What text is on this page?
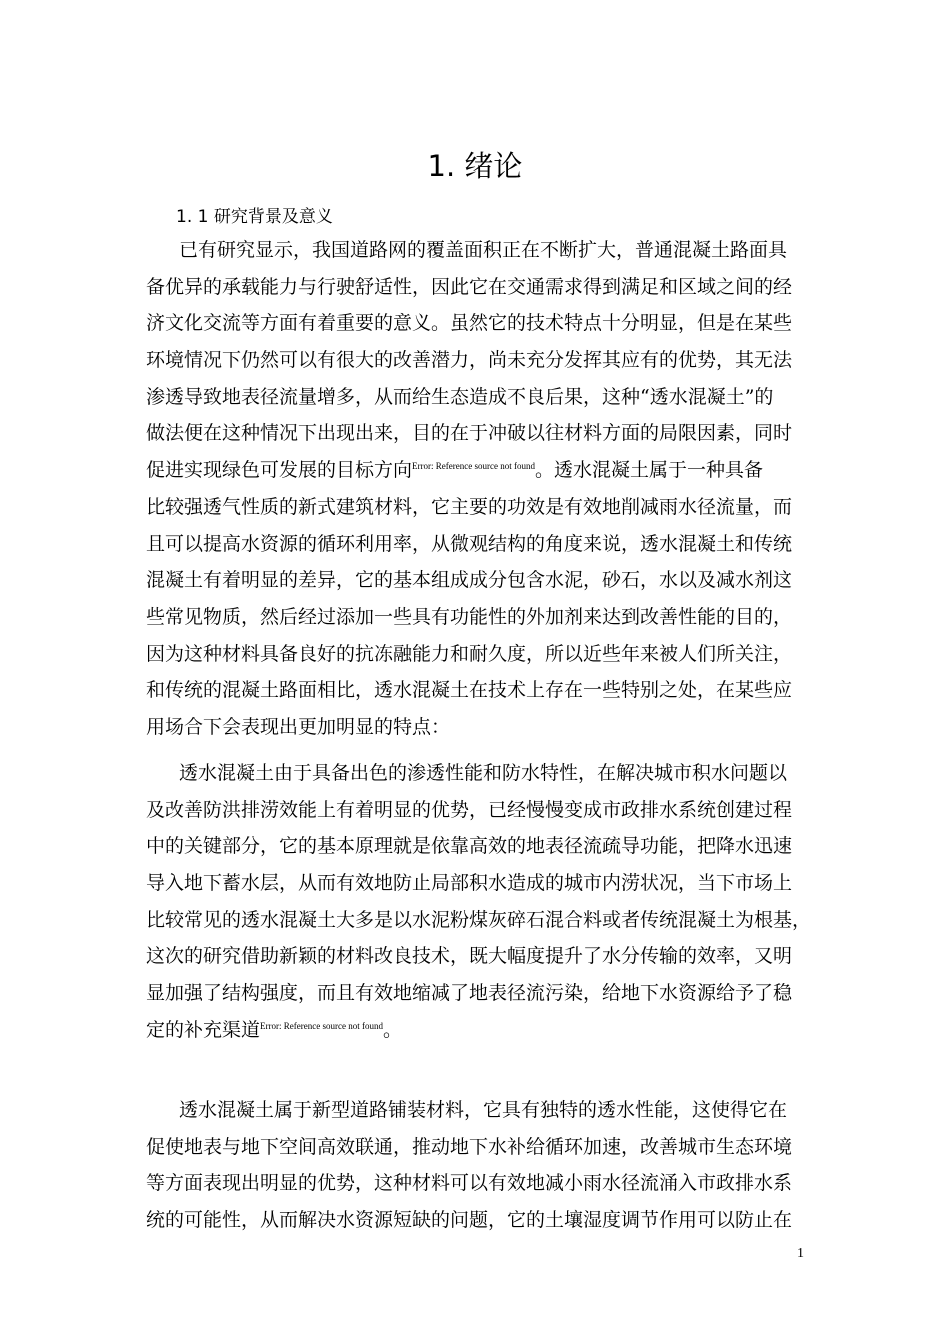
1. 绪论
1. 1 研究背景及意义
已有研究显示，我国道路网的覆盖面积正在不断扩大，普通混凝土路面具
备优异的承载能力与行驶舒适性，因此它在交通需求得到满足和区域之间的经
济文化交流等方面有着重要的意义。虽然它的技术特点十分明显，但是在某些
环境情况下仍然可以有很大的改善潜力，尚未充分发挥其应有的优势，其无法
渗透导致地表径流量增多，从而给生态造成不良后果，这种“透水混凝土”的
做法便在这种情况下出现出来，目的在于冲破以往材料方面的局限因素，同时
促进实现绿色可发展的目标方向$^{Error: Reference source not found}$。透水混凝土属于一种具备
比较强透气性质的新式建筑材料，它主要的功效是有效地削减雨水径流量，而
且可以提高水资源的循环利用率，从微观结构的角度来说，透水混凝土和传统
混凝土有着明显的差异，它的基本组成成分包含水泥，砂石，水以及减水剂这
些常见物质，然后经过添加一些具有功能性的外加剂来达到改善性能的目的，
因为这种材料具备良好的抗冻融能力和耐久度，所以近些年来被人们所关注，
和传统的混凝土路面相比，透水混凝土在技术上存在一些特别之处，在某些应
用场合下会表现出更加明显的特点：
透水混凝土由于具备出色的渗透性能和防水特性，在解决城市积水问题以
及改善防洪排涝效能上有着明显的优势，已经慢慢变成市政排水系统创建过程
中的关键部分，它的基本原理就是依靠高效的地表径流疏导功能，把降水迅速
导入地下蓄水层，从而有效地防止局部积水造成的城市内涝状况，当下市场上
比较常见的透水混凝土大多是以水泥粉煤灰碎石混合料或者传统混凝土为根基，
这次的研究借助新颖的材料改良技术，既大幅度提升了水分传输的效率，又明
显加强了结构强度，而且有效地缩减了地表径流污染，给地下水资源给予了稳
定的补充渠道$^{Error: Reference source not found}$。
透水混凝土属于新型道路铺装材料，它具有独特的透水性能，这使得它在
促使地表与地下空间高效联通，推动地下水补给循环加速，改善城市生态环境
等方面表现出明显的优势，这种材料可以有效地减小雨水径流涌入市政排水系
统的可能性，从而解决水资源短缺的问题，它的土壤湿度调节作用可以防止在
1
